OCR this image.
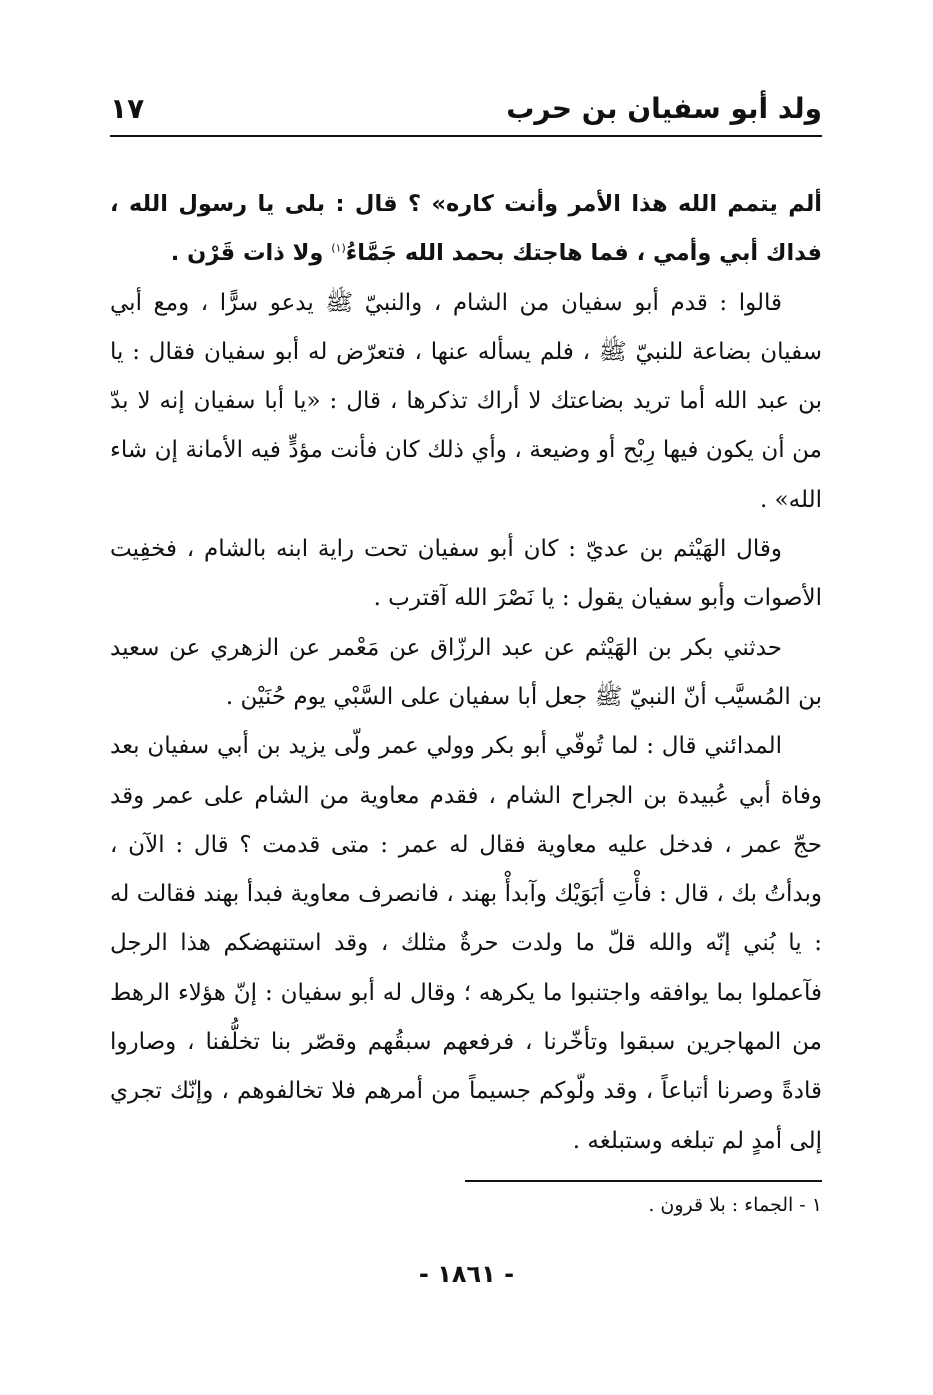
ولد أبو سفيان بن حرب
١٧

ألم يتمم الله هذا الأمر وأنت كاره» ؟ قال : بلى يا رسول الله ، فداك أبي وأمي ، فما هاجتك بحمد الله جَمَّاءُ$^{(١)}$ ولا ذات قَرْن .

قالوا : قدم أبو سفيان من الشام ، والنبيّ ﷺ يدعو سرًّا ، ومع أبي سفيان بضاعة للنبيّ ﷺ ، فلم يسأله عنها ، فتعرّض له أبو سفيان فقال : يا بن عبد الله أما تريد بضاعتك لا أراك تذكرها ، قال : «يا أبا سفيان إنه لا بدّ من أن يكون فيها رِبْح أو وضيعة ، وأي ذلك كان فأنت مؤدٍّ فيه الأمانة إن شاء الله» .

وقال الهَيْثم بن عديّ : كان أبو سفيان تحت راية ابنه بالشام ، فخفِيت الأصوات وأبو سفيان يقول : يا نَصْرَ الله آقترب .

حدثني بكر بن الهَيْثم عن عبد الرزّاق عن مَعْمر عن الزهري عن سعيد بن المُسيَّب أنّ النبيّ ﷺ جعل أبا سفيان على السَّبْي يوم حُنَيْن .

المدائني قال : لما تُوفّي أبو بكر وولي عمر ولّى يزيد بن أبي سفيان بعد وفاة أبي عُبيدة بن الجراح الشام ، فقدم معاوية من الشام على عمر وقد حجّ عمر ، فدخل عليه معاوية فقال له عمر : متى قدمت ؟ قال : الآن ، وبدأتُ بك ، قال : فأْتِ أبَوَيْك وآبدأْ بهند ، فانصرف معاوية فبدأ بهند فقالت له : يا بُني إنّه والله قلّ ما ولدت حرةٌ مثلك ، وقد استنهضكم هذا الرجل فآعملوا بما يوافقه واجتنبوا ما يكرهه ؛ وقال له أبو سفيان : إنّ هؤلاء الرهط من المهاجرين سبقوا وتأخّرنا ، فرفعهم سبقُهم وقصّر بنا تخلُّفنا ، وصاروا قادةً وصرنا أتباعاً ، وقد ولّوكم جسيماً من أمرهم فلا تخالفوهم ، وإنّك تجري إلى أمدٍ لم تبلغه وستبلغه .

١ - الجماء : بلا قرون .
- ١٨٦١ -
